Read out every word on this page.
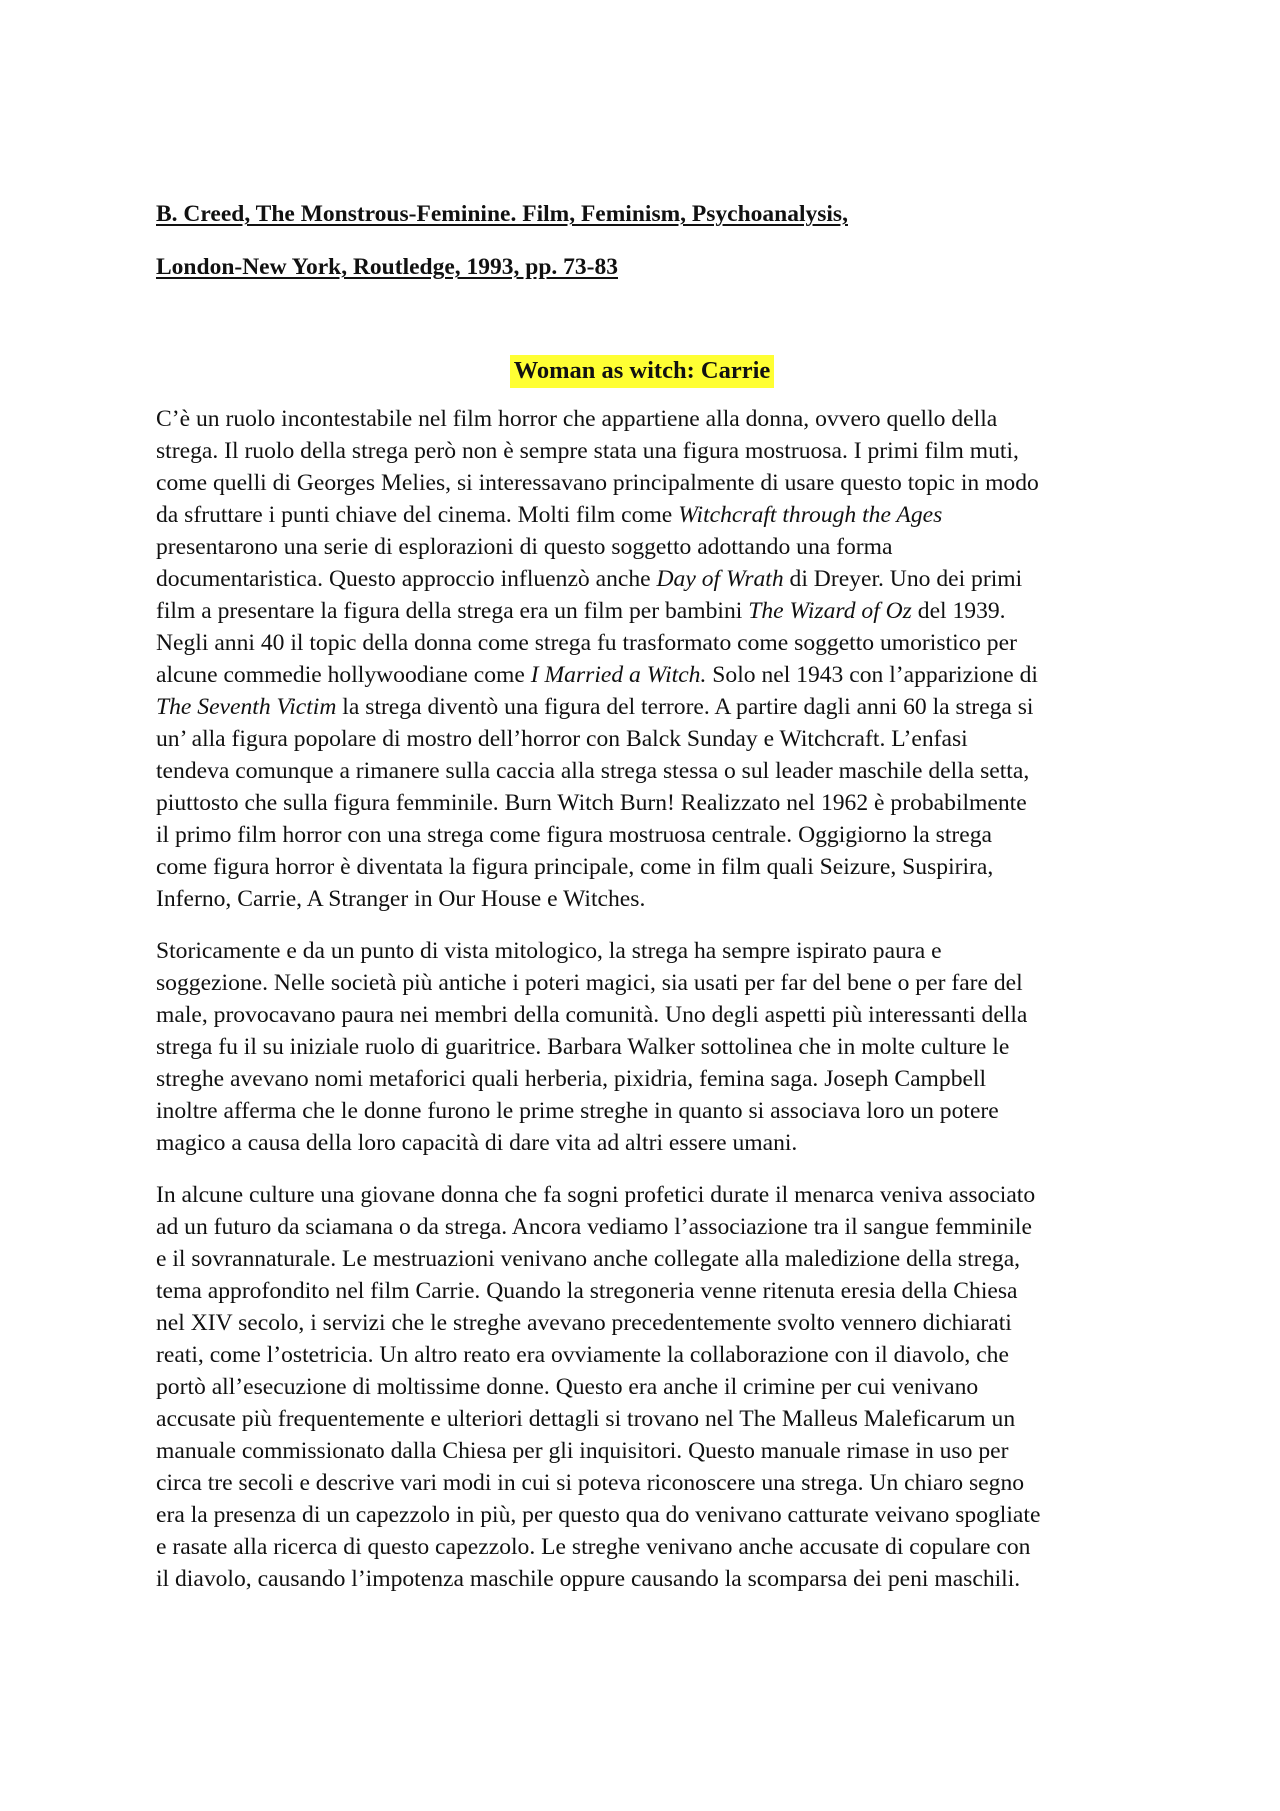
B. Creed, The Monstrous-Feminine. Film, Feminism, Psychoanalysis,
London-New York, Routledge, 1993, pp. 73-83
Woman as witch: Carrie

C’è un ruolo incontestabile nel film horror che appartiene alla donna, ovvero quello della
strega. Il ruolo della strega però non è sempre stata una figura mostruosa. I primi film muti,
come quelli di Georges Melies, si interessavano principalmente di usare questo topic in modo
da sfruttare i punti chiave del cinema. Molti film come Witchcraft through the Ages
presentarono una serie di esplorazioni di questo soggetto adottando una forma
documentaristica. Questo approccio influenzò anche Day of Wrath di Dreyer. Uno dei primi
film a presentare la figura della strega era un film per bambini The Wizard of Oz del 1939.
Negli anni 40 il topic della donna come strega fu trasformato come soggetto umoristico per
alcune commedie hollywoodiane come I Married a Witch. Solo nel 1943 con l’apparizione di
The Seventh Victim la strega diventò una figura del terrore. A partire dagli anni 60 la strega si
un’ alla figura popolare di mostro dell’horror con Balck Sunday e Witchcraft. L’enfasi
tendeva comunque a rimanere sulla caccia alla strega stessa o sul leader maschile della setta,
piuttosto che sulla figura femminile. Burn Witch Burn! Realizzato nel 1962 è probabilmente
il primo film horror con una strega come figura mostruosa centrale. Oggigiorno la strega
come figura horror è diventata la figura principale, come in film quali Seizure, Suspirira,
Inferno, Carrie, A Stranger in Our House e Witches.

Storicamente e da un punto di vista mitologico, la strega ha sempre ispirato paura e
soggezione. Nelle società più antiche i poteri magici, sia usati per far del bene o per fare del
male, provocavano paura nei membri della comunità. Uno degli aspetti più interessanti della
strega fu il su iniziale ruolo di guaritrice. Barbara Walker sottolinea che in molte culture le
streghe avevano nomi metaforici quali herberia, pixidria, femina saga. Joseph Campbell
inoltre afferma che le donne furono le prime streghe in quanto si associava loro un potere
magico a causa della loro capacità di dare vita ad altri essere umani.

In alcune culture una giovane donna che fa sogni profetici durate il menarca veniva associato
ad un futuro da sciamana o da strega. Ancora vediamo l’associazione tra il sangue femminile
e il sovrannaturale. Le mestruazioni venivano anche collegate alla maledizione della strega,
tema approfondito nel film Carrie. Quando la stregoneria venne ritenuta eresia della Chiesa
nel XIV secolo, i servizi che le streghe avevano precedentemente svolto vennero dichiarati
reati, come l’ostetricia. Un altro reato era ovviamente la collaborazione con il diavolo, che
portò all’esecuzione di moltissime donne. Questo era anche il crimine per cui venivano
accusate più frequentemente e ulteriori dettagli si trovano nel The Malleus Maleficarum un
manuale commissionato dalla Chiesa per gli inquisitori. Questo manuale rimase in uso per
circa tre secoli e descrive vari modi in cui si poteva riconoscere una strega. Un chiaro segno
era la presenza di un capezzolo in più, per questo qua do venivano catturate veivano spogliate
e rasate alla ricerca di questo capezzolo. Le streghe venivano anche accusate di copulare con
il diavolo, causando l’impotenza maschile oppure causando la scomparsa dei peni maschili.
